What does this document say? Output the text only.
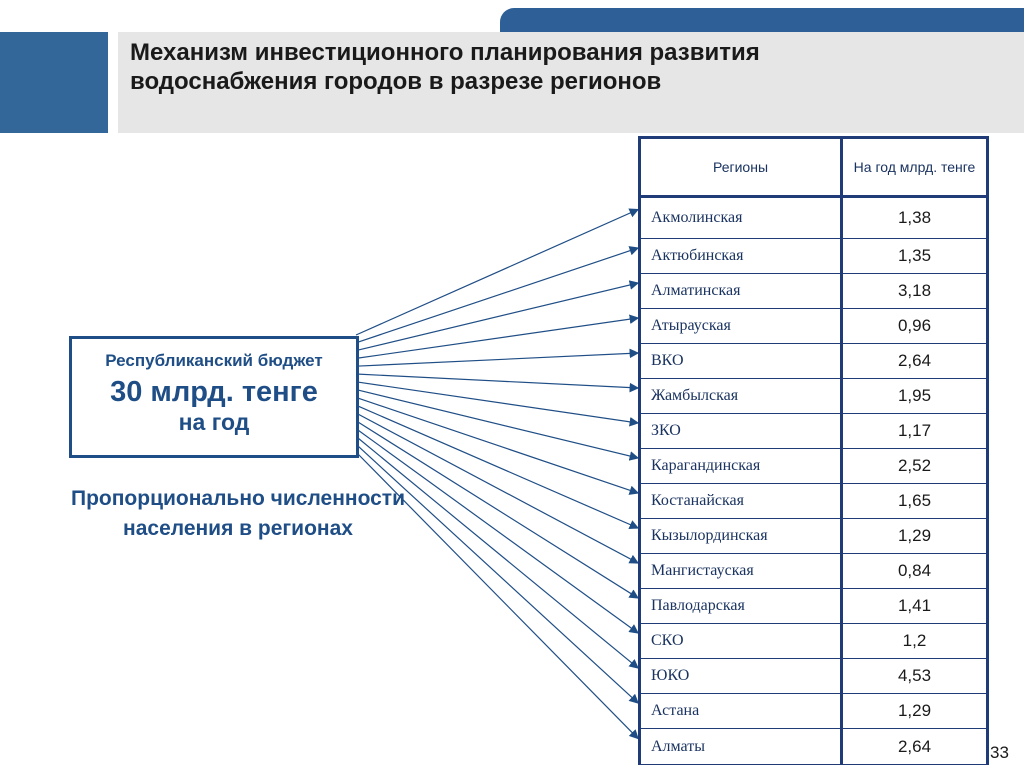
Механизм инвестиционного планирования развития водоснабжения городов в разрезе регионов
Республиканский бюджет
30 млрд. тенге
на год

Пропорционально численности населения в регионах

Регионы	На год млрд. тенге
Акмолинская	1,38
Актюбинская	1,35
Алматинская	3,18
Атырауская	0,96
ВКО	2,64
Жамбылская	1,95
ЗКО	1,17
Карагандинская	2,52
Костанайская	1,65
Кызылординская	1,29
Мангистауская	0,84
Павлодарская	1,41
СКО	1,2
ЮКО	4,53
Астана	1,29
Алматы	2,64	33
